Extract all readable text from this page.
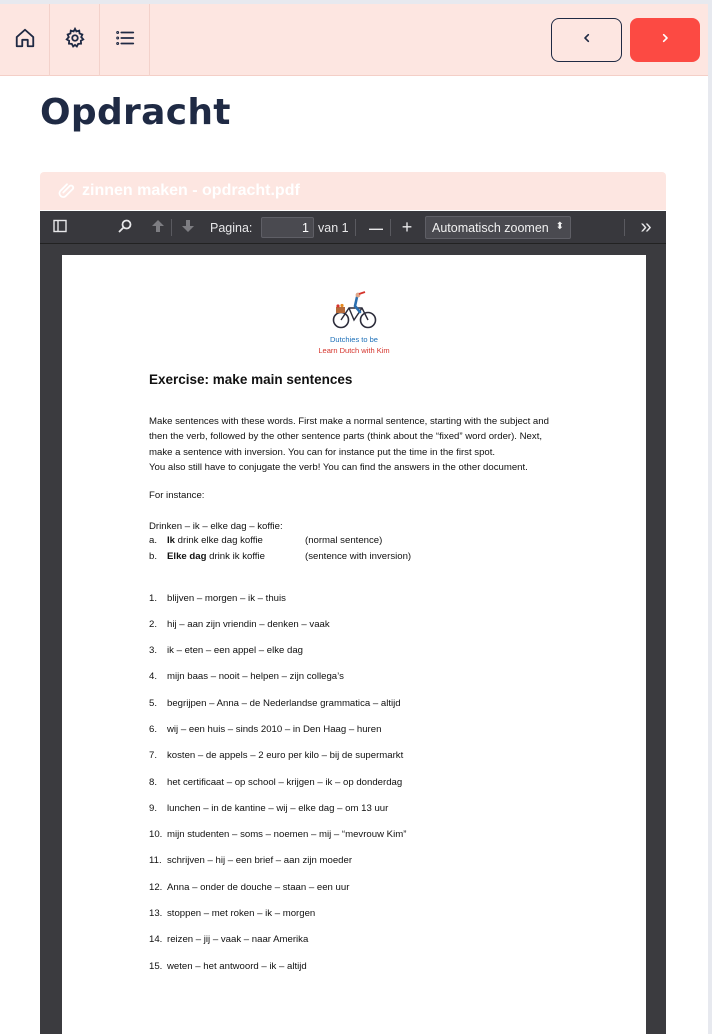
Opdracht
zinnen maken - opdracht.pdf
Pagina:
1	van 1 — +	Automatisch zoomen ⬍	»
Dutchies to be
Learn Dutch with Kim
Exercise: make main sentences
Make sentences with these words. First make a normal sentence, starting with the subject and
then the verb, followed by the other sentence parts (think about the “fixed” word order). Next,
make a sentence with inversion. You can for instance put the time in the first spot.
You also still have to conjugate the verb! You can find the answers in the other document.
For instance:
Drinken – ik – elke dag – koffie:
a. Ik drink elke dag koffie	(normal sentence)
b. Elke dag drink ik koffie	(sentence with inversion)
1. blijven – morgen – ik – thuis
2. hij – aan zijn vriendin – denken – vaak
3. ik – eten – een appel – elke dag
4. mijn baas – nooit – helpen – zijn collega’s
5. begrijpen – Anna – de Nederlandse grammatica – altijd
6. wij – een huis – sinds 2010 – in Den Haag – huren
7. kosten – de appels – 2 euro per kilo – bij de supermarkt
8. het certificaat – op school – krijgen – ik – op donderdag
9. lunchen – in de kantine – wij – elke dag – om 13 uur
10. mijn studenten – soms – noemen – mij – “mevrouw Kim”
11. schrijven – hij – een brief – aan zijn moeder
12. Anna – onder de douche – staan – een uur
13. stoppen – met roken – ik – morgen
14. reizen – jij – vaak – naar Amerika
15. weten – het antwoord – ik – altijd
